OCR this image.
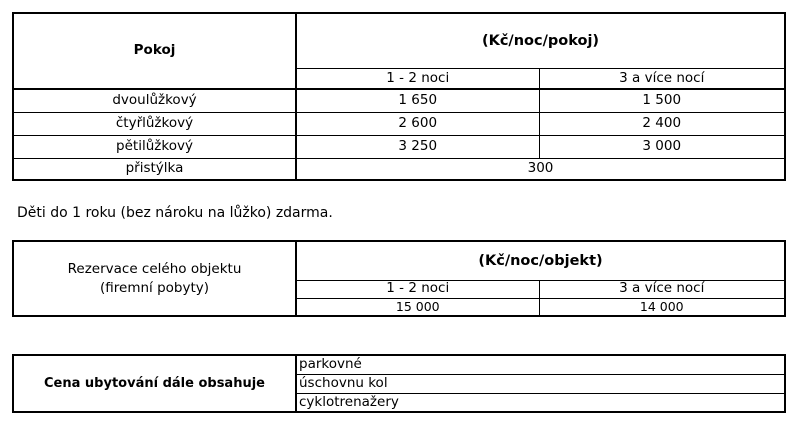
Pokoj	(Kč/noc/pokoj)	
	1 - 2 noci	3 a více nocí
dvoulůžkový	1 650	1 500
čtyřlůžkový	2 600	2 400
pětilůžkový	3 250	3 000
přistýlka	300	
Děti do 1 roku (bez nároku na lůžko) zdarma.
Rezervace celého objektu
(firemní pobyty)	(Kč/noc/objekt)	
	1 - 2 noci	3 a více nocí
	15 000	14 000
Cena ubytování dále obsahuje	parkovné
úschovnu kol
cyklotrenažery
